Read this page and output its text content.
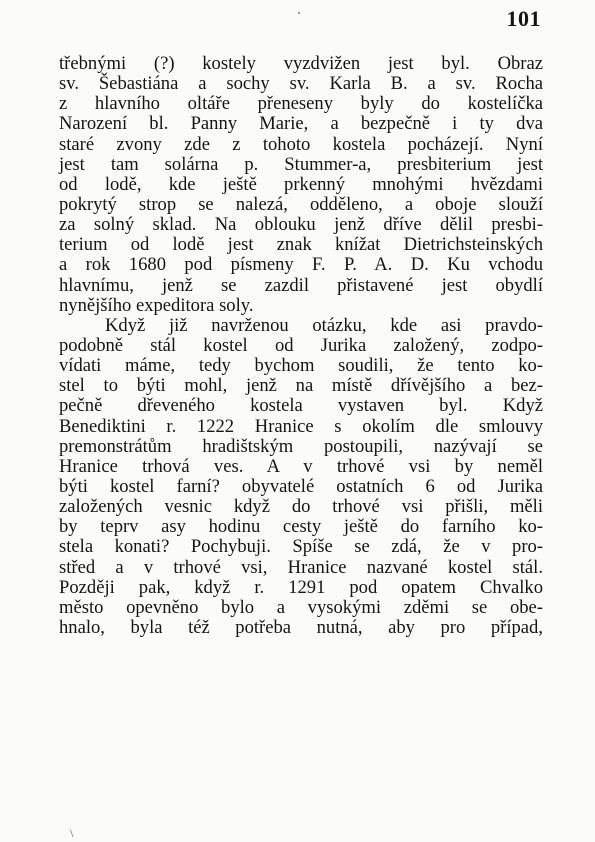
101
třebnými (?) kostely vyzdvižen jest byl. Obraz
sv. Šebastiána a sochy sv. Karla B. a sv. Rocha
z hlavního oltáře přeneseny byly do kostelíčka
Narození bl. Panny Marie, a bezpečně i ty dva
staré zvony zde z tohoto kostela pocházejí. Nyní
jest tam solárna p. Stummer-a, presbiterium jest
od lodě, kde ještě prkenný mnohými hvězdami
pokrytý strop se nalezá, odděleno, a oboje slouží
za solný sklad. Na oblouku jenž dříve dělil presbi-
terium od lodě jest znak knížat Dietrichsteinských
a rok 1680 pod písmeny F. P. A. D. Ku vchodu
hlavnímu, jenž se zazdil přistavené jest obydlí
nynějšího expeditora soly.
Když již navrženou otázku, kde asi pravdo-
podobně stál kostel od Jurika založený, zodpo-
vídati máme, tedy bychom soudili, že tento ko-
stel to býti mohl, jenž na místě dřívějšího a bez-
pečně dřeveného kostela vystaven byl. Když
Benediktini r. 1222 Hranice s okolím dle smlouvy
premonstrátům hradištským postoupili, nazývají se
Hranice trhová ves. A v trhové vsi by neměl
býti kostel farní? obyvatelé ostatních 6 od Jurika
založených vesnic když do trhové vsi přišli, měli
by teprv asy hodinu cesty ještě do farního ko-
stela konati? Pochybuji. Spíše se zdá, že v pro-
střed a v trhové vsi, Hranice nazvané kostel stál.
Později pak, když r. 1291 pod opatem Chvalko
město opevněno bylo a vysokými zděmi se obe-
hnalo, byla též potřeba nutná, aby pro případ,
\
